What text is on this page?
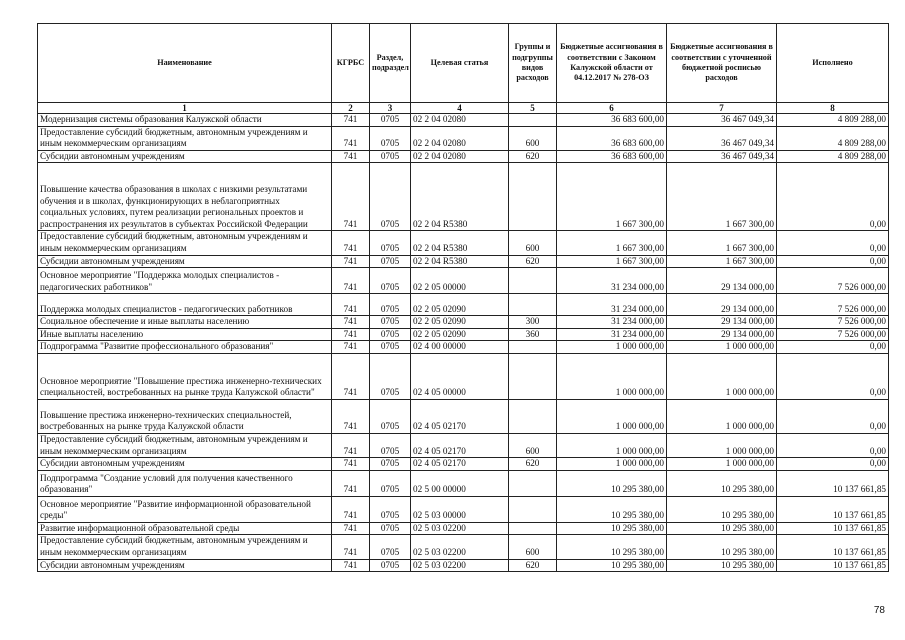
Наименование	КГРБС	Раздел, подраздел	Целевая статья	Группы и подгруппы видов расходов	Бюджетные ассигнования в соответствии с Законом Калужской области от 04.12.2017 № 278-ОЗ	Бюджетные ассигнования в соответствии с уточненной бюджетной росписью расходов	Исполнено
1	2	3	4	5	6	7	8
Модернизация системы образования Калужской области	741	0705	02 2 04 02080		36 683 600,00	36 467 049,34	4 809 288,00
Предоставление субсидий бюджетным, автономным учреждениям и иным некоммерческим организациям	741	0705	02 2 04 02080	600	36 683 600,00	36 467 049,34	4 809 288,00
Субсидии автономным учреждениям	741	0705	02 2 04 02080	620	36 683 600,00	36 467 049,34	4 809 288,00
Повышение качества образования в школах с низкими результатами обучения и в школах, функционирующих в неблагоприятных социальных условиях, путем реализации региональных проектов и распространения их результатов в субъектах Российской Федерации	741	0705	02 2 04 R5380		1 667 300,00	1 667 300,00	0,00
Предоставление субсидий бюджетным, автономным учреждениям и иным некоммерческим организациям	741	0705	02 2 04 R5380	600	1 667 300,00	1 667 300,00	0,00
Субсидии автономным учреждениям	741	0705	02 2 04 R5380	620	1 667 300,00	1 667 300,00	0,00
Основное мероприятие "Поддержка молодых специалистов - педагогических работников"	741	0705	02 2 05 00000		31 234 000,00	29 134 000,00	7 526 000,00
Поддержка молодых специалистов - педагогических работников	741	0705	02 2 05 02090		31 234 000,00	29 134 000,00	7 526 000,00
Социальное обеспечение и иные выплаты населению	741	0705	02 2 05 02090	300	31 234 000,00	29 134 000,00	7 526 000,00
Иные выплаты населению	741	0705	02 2 05 02090	360	31 234 000,00	29 134 000,00	7 526 000,00
Подпрограмма "Развитие профессионального образования"	741	0705	02 4 00 00000		1 000 000,00	1 000 000,00	0,00
Основное мероприятие "Повышение престижа инженерно-технических специальностей, востребованных на рынке труда Калужской области"	741	0705	02 4 05 00000		1 000 000,00	1 000 000,00	0,00
Повышение престижа инженерно-технических специальностей, востребованных на рынке труда Калужской области	741	0705	02 4 05 02170		1 000 000,00	1 000 000,00	0,00
Предоставление субсидий бюджетным, автономным учреждениям и иным некоммерческим организациям	741	0705	02 4 05 02170	600	1 000 000,00	1 000 000,00	0,00
Субсидии автономным учреждениям	741	0705	02 4 05 02170	620	1 000 000,00	1 000 000,00	0,00
Подпрограмма "Создание условий для получения качественного образования"	741	0705	02 5 00 00000		10 295 380,00	10 295 380,00	10 137 661,85
Основное мероприятие "Развитие информационной образовательной среды"	741	0705	02 5 03 00000		10 295 380,00	10 295 380,00	10 137 661,85
Развитие информационной образовательной среды	741	0705	02 5 03 02200		10 295 380,00	10 295 380,00	10 137 661,85
Предоставление субсидий бюджетным, автономным учреждениям и иным некоммерческим организациям	741	0705	02 5 03 02200	600	10 295 380,00	10 295 380,00	10 137 661,85
Субсидии автономным учреждениям	741	0705	02 5 03 02200	620	10 295 380,00	10 295 380,00	10 137 661,85
78
